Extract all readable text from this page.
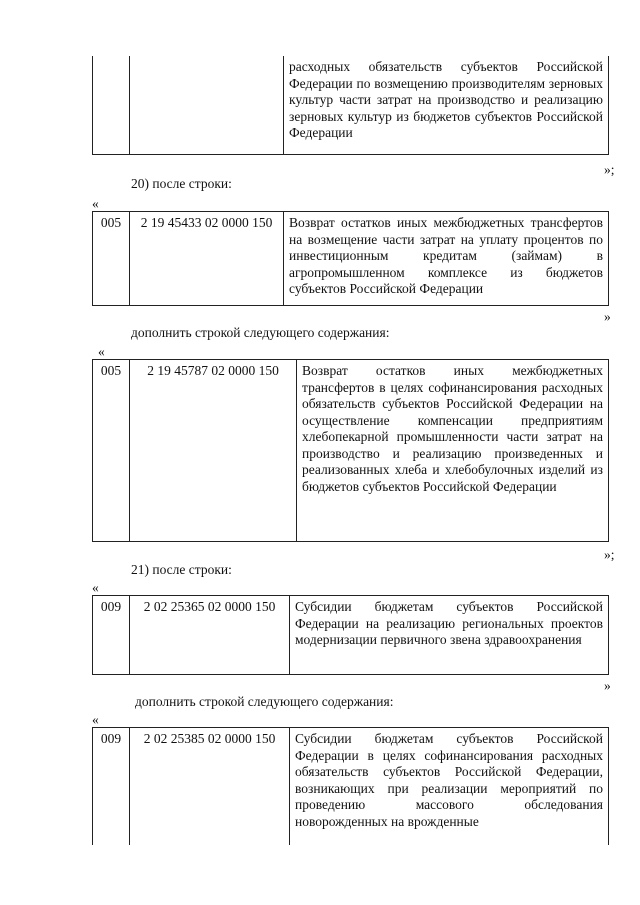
		расходных обязательств субъектов Российской Федерации по возмещению производителям зерновых культур части затрат на производство и реализацию зерновых культур из бюджетов субъектов Российской Федерации
»;
20) после строки:
«
005	2 19 45433 02 0000 150	Возврат остатков иных межбюджетных трансфертов на возмещение части затрат на уплату процентов по инвестиционным кредитам (займам) в агропромышленном комплексе из бюджетов субъектов Российской Федерации
»
дополнить строкой следующего содержания:
«
005	2 19 45787 02 0000 150	Возврат остатков иных межбюджетных трансфертов в целях софинансирования расходных обязательств субъектов Российской Федерации на осуществление компенсации предприятиям хлебопекарной промышленности части затрат на производство и реализацию произведенных и реализованных хлеба и хлебобулочных изделий из бюджетов субъектов Российской Федерации
»;
21) после строки:
«
009	2 02 25365 02 0000 150	Субсидии бюджетам субъектов Российской Федерации на реализацию региональных проектов модернизации первичного звена здравоохранения
»
дополнить строкой следующего содержания:
«
009	2 02 25385 02 0000 150	Субсидии бюджетам субъектов Российской Федерации в целях софинансирования расходных обязательств субъектов Российской Федерации, возникающих при реализации мероприятий по проведению массового обследования новорожденных на врожденные
